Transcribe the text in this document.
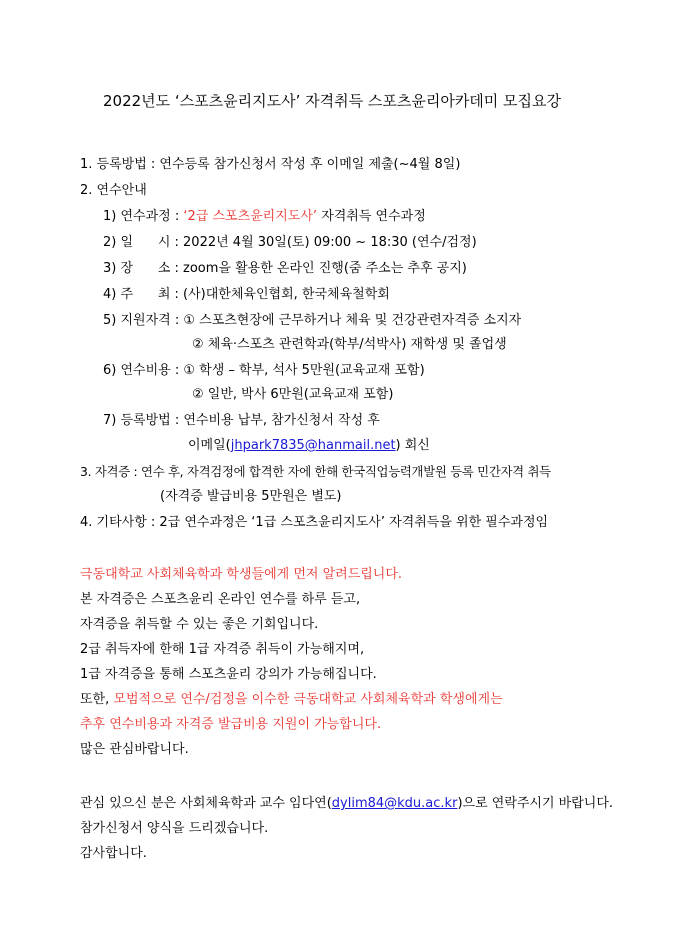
2022년도 ‘스포츠윤리지도사’ 자격취득 스포츠윤리아카데미 모집요강
1. 등록방법 : 연수등록 참가신청서 작성 후 이메일 제출(~4월 8일)
2. 연수안내
1) 연수과정 : ‘2급 스포츠윤리지도사’ 자격취득 연수과정
2) 일      시 : 2022년 4월 30일(토) 09:00 ~ 18:30 (연수/검정)
3) 장      소 : zoom을 활용한 온라인 진행(줌 주소는 추후 공지)
4) 주      최 : (사)대한체육인협회, 한국체육철학회
5) 지원자격 : ① 스포츠현장에 근무하거나 체육 및 건강관련자격증 소지자
② 체육·스포츠 관련학과(학부/석박사) 재학생 및 졸업생
6) 연수비용 : ① 학생 – 학부, 석사 5만원(교육교재 포함)
② 일반, 박사 6만원(교육교재 포함)
7) 등록방법 : 연수비용 납부, 참가신청서 작성 후
이메일(jhpark7835@hanmail.net) 회신
3. 자격증 : 연수 후, 자격검정에 합격한 자에 한해 한국직업능력개발원 등록 민간자격 취득
(자격증 발급비용 5만원은 별도)
4. 기타사항 : 2급 연수과정은 ‘1급 스포츠윤리지도사’ 자격취득을 위한 필수과정임
극동대학교 사회체육학과 학생들에게 먼저 알려드립니다.
본 자격증은 스포츠윤리 온라인 연수를 하루 듣고,
자격증을 취득할 수 있는 좋은 기회입니다.
2급 취득자에 한해 1급 자격증 취득이 가능해지며,
1급 자격증을 통해 스포츠윤리 강의가 가능해집니다.
또한, 모범적으로 연수/검정을 이수한 극동대학교 사회체육학과 학생에게는
추후 연수비용과 자격증 발급비용 지원이 가능합니다.
많은 관심바랍니다.
관심 있으신 분은 사회체육학과 교수 임다연(dylim84@kdu.ac.kr)으로 연락주시기 바랍니다.
참가신청서 양식을 드리겠습니다.
감사합니다.
